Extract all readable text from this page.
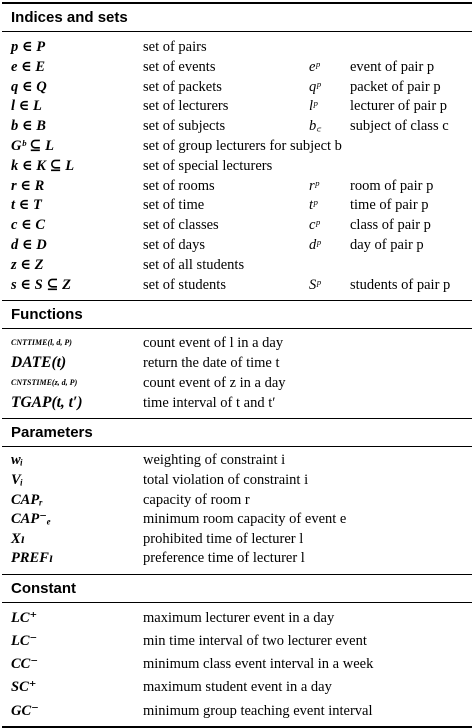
Indices and sets
p ∈ P	set of pairs
e ∈ E	set of events	eᵖ event of pair p
q ∈ Q	set of packets	qᵖ packet of pair p
l ∈ L	set of lecturers	lᵖ lecturer of pair p
b ∈ B	set of subjects	b꜀ subject of class c
Gᵇ ⊆ L	set of group lecturers for subject b
k ∈ K ⊆ L	set of special lecturers
r ∈ R	set of rooms	rᵖ room of pair p
t ∈ T	set of time	tᵖ time of pair p
c ∈ C	set of classes	cᵖ class of pair p
d ∈ D	set of days	dᵖ day of pair p
z ∈ Z	set of all students
s ∈ S ⊆ Z	set of students	Sᵖ students of pair p
Functions
CNTTIME(l, d, P)	count event of l in a day
DATE(t)	return the date of time t
CNTSTIME(z, d, P)	count event of z in a day
TGAP(t, t′)	time interval of t and t′
Parameters
wᵢ	weighting of constraint i
Vᵢ	total violation of constraint i
CAPᵣ	capacity of room r
CAP⁻ₑ	minimum room capacity of event e
Xₗ	prohibited time of lecturer l
PREFₗ	preference time of lecturer l
Constant
LC⁺	maximum lecturer event in a day
LC⁻	min time interval of two lecturer event
CC⁻	minimum class event interval in a week
SC⁺	maximum student event in a day
GC⁻	minimum group teaching event interval
